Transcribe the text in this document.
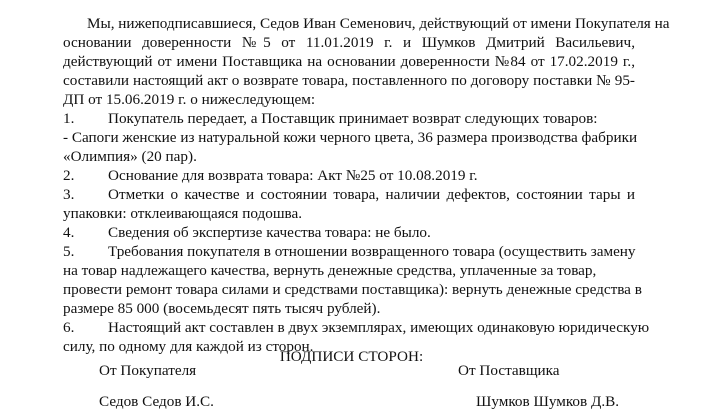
Мы, нижеподписавшиеся, Седов Иван Семенович, действующий от имени Покупателя на
основании доверенности №5 от 11.01.2019 г. и Шумков Дмитрий Васильевич,
действующий от имени Поставщика на основании доверенности №84 от 17.02.2019 г.,
составили настоящий акт о возврате товара, поставленного по договору поставки № 95-
ДП от 15.06.2019 г. о нижеследующем:
1. Покупатель передает, а Поставщик принимает возврат следующих товаров:
- Сапоги женские из натуральной кожи черного цвета, 36 размера производства фабрики
«Олимпия» (20 пар).
2. Основание для возврата товара: Акт №25 от 10.08.2019 г.
3. Отметки о качестве и состоянии товара, наличии дефектов, состоянии тары и
упаковки: отклеивающаяся подошва.
4. Сведения об экспертизе качества товара: не было.
5. Требования покупателя в отношении возвращенного товара (осуществить замену
на товар надлежащего качества, вернуть денежные средства, уплаченные за товар,
провести ремонт товара силами и средствами поставщика): вернуть денежные средства в
размере 85 000 (восемьдесят пять тысяч рублей).
6. Настоящий акт составлен в двух экземплярах, имеющих одинаковую юридическую
силу, по одному для каждой из сторон.
ПОДПИСИ СТОРОН:
От Покупателя	От Поставщика
Седов Седов И.С.	Шумков Шумков Д.В.
